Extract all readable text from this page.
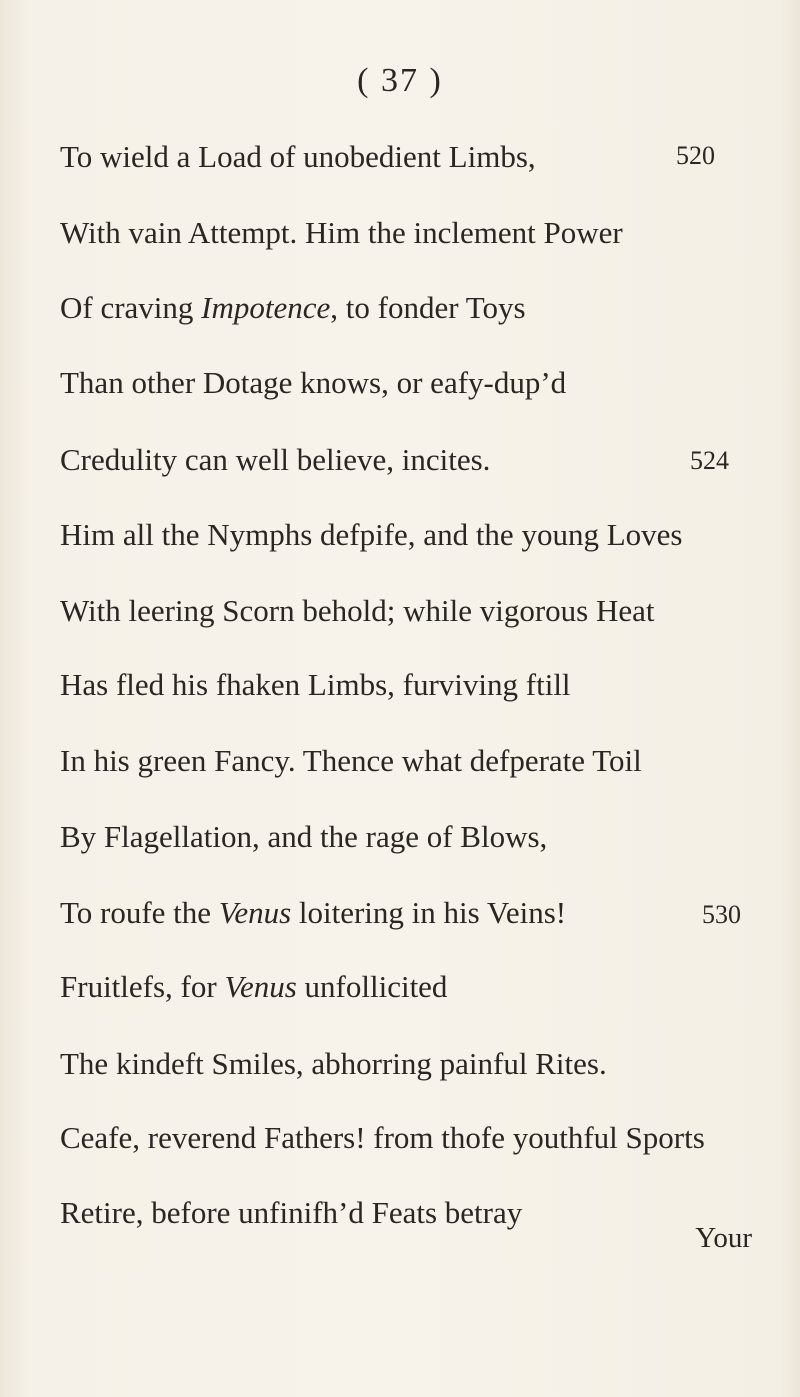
( 37 )
To wield a Load of unobedient Limbs,	520
With vain Attempt. Him the inclement Power
Of craving Impotence, to fonder Toys
Than other Dotage knows, or eafy-dup’d
Credulity can well believe, incites.	524
Him all the Nymphs defpife, and the young Loves
With leering Scorn behold; while vigorous Heat
Has fled his fhaken Limbs, furviving ftill
In his green Fancy. Thence what defperate Toil
By Flagellation, and the rage of Blows,
To roufe the Venus loitering in his Veins!	530
Fruitlefs, for Venus unfollicited
The kindeft Smiles, abhorring painful Rites.
Ceafe, reverend Fathers! from thofe youthful Sports
Retire, before unfinifh’d Feats betray
Your
